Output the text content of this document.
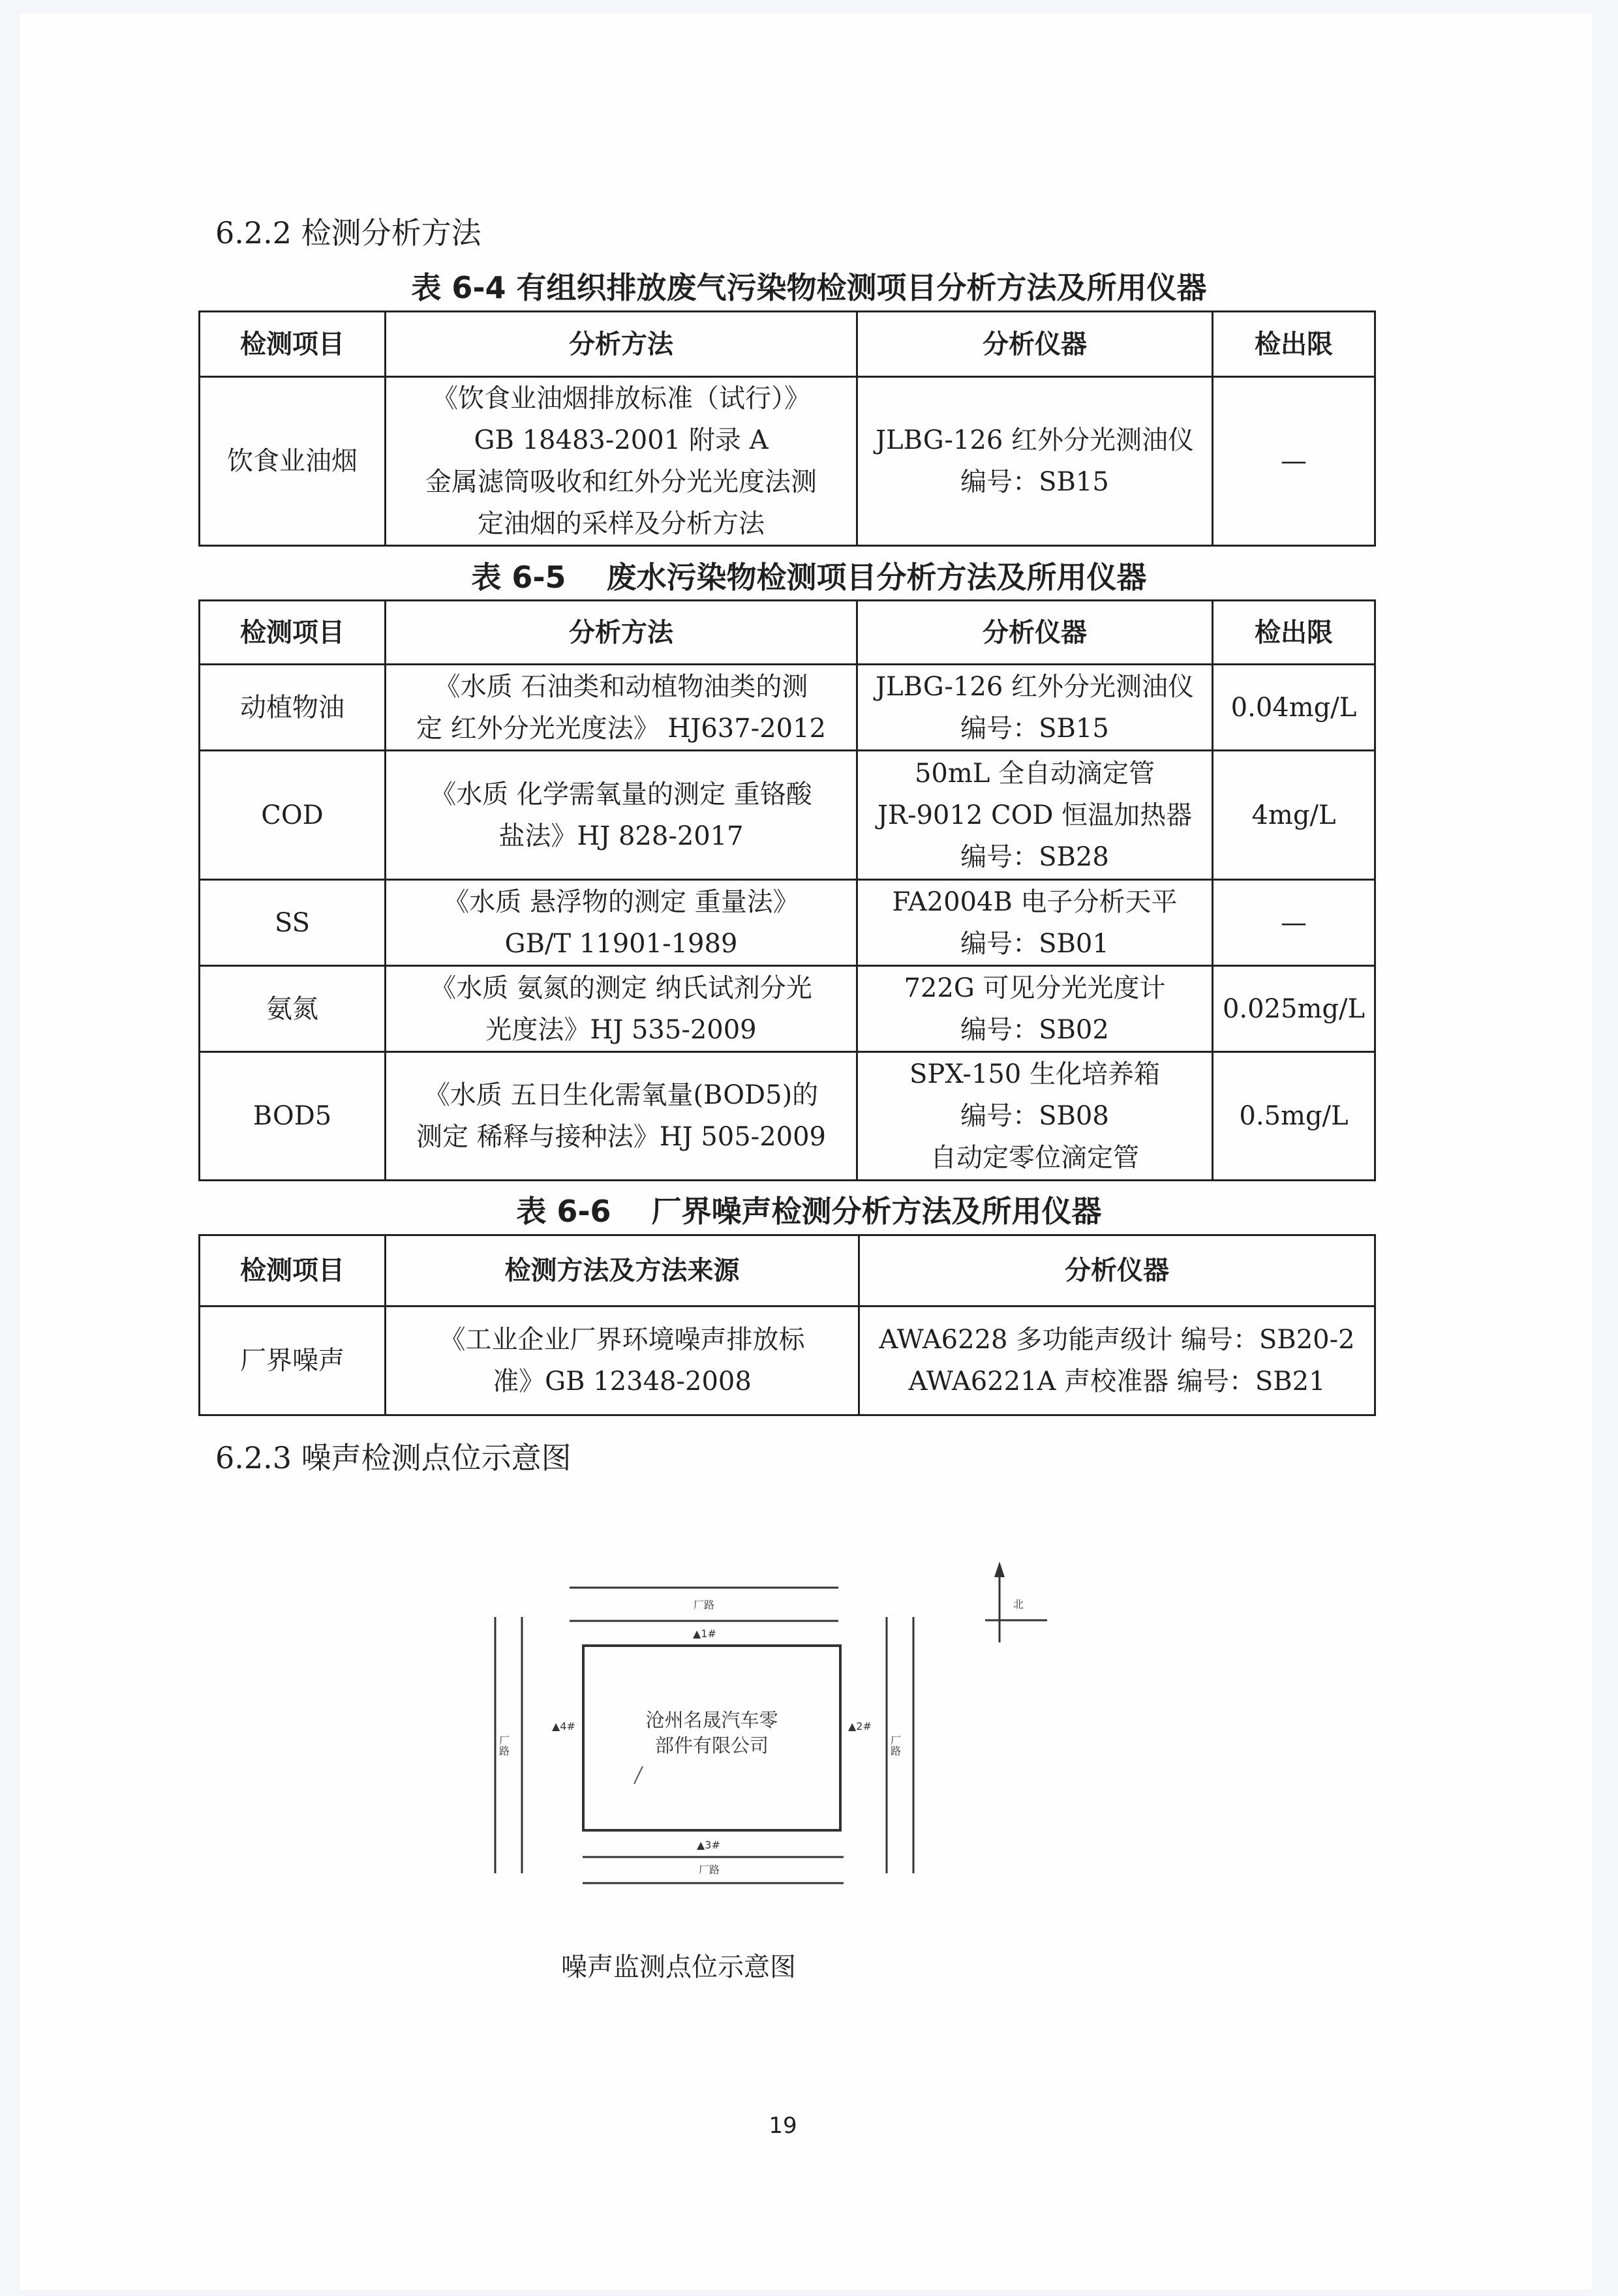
6.2.2 检测分析方法
表 6-4 有组织排放废气污染物检测项目分析方法及所用仪器
检测项目	分析方法	分析仪器	检出限
饮食业油烟	《饮食业油烟排放标准（试行）》
GB 18483-2001 附录 A
金属滤筒吸收和红外分光光度法测
定油烟的采样及分析方法	JLBG-126 红外分光测油仪
编号：SB15	—
表 6-5　 废水污染物检测项目分析方法及所用仪器
检测项目	分析方法	分析仪器	检出限
动植物油	《水质 石油类和动植物油类的测
定 红外分光光度法》 HJ637-2012	JLBG-126 红外分光测油仪
编号：SB15	0.04mg/L
COD	《水质 化学需氧量的测定 重铬酸
盐法》HJ 828-2017	50mL 全自动滴定管
JR-9012 COD 恒温加热器
编号：SB28	4mg/L
SS	《水质 悬浮物的测定 重量法》
GB/T 11901-1989	FA2004B 电子分析天平
编号：SB01	—
氨氮	《水质 氨氮的测定 纳氏试剂分光
光度法》HJ 535-2009	722G 可见分光光度计
编号：SB02	0.025mg/L
BOD5	《水质 五日生化需氧量(BOD5)的
测定 稀释与接种法》HJ 505-2009	SPX-150 生化培养箱
编号：SB08
自动定零位滴定管	0.5mg/L
表 6-6　 厂界噪声检测分析方法及所用仪器
检测项目	检测方法及方法来源	分析仪器
厂界噪声	《工业企业厂界环境噪声排放标
准》GB 12348-2008	AWA6228 多功能声级计 编号：SB20-2
AWA6221A 声校准器 编号：SB21
6.2.3 噪声检测点位示意图
厂路
▲1#
厂路
▲3#
厂路	厂路
▲4#	▲2#
北
沧州名晟汽车零
部件有限公司
噪声监测点位示意图
19
